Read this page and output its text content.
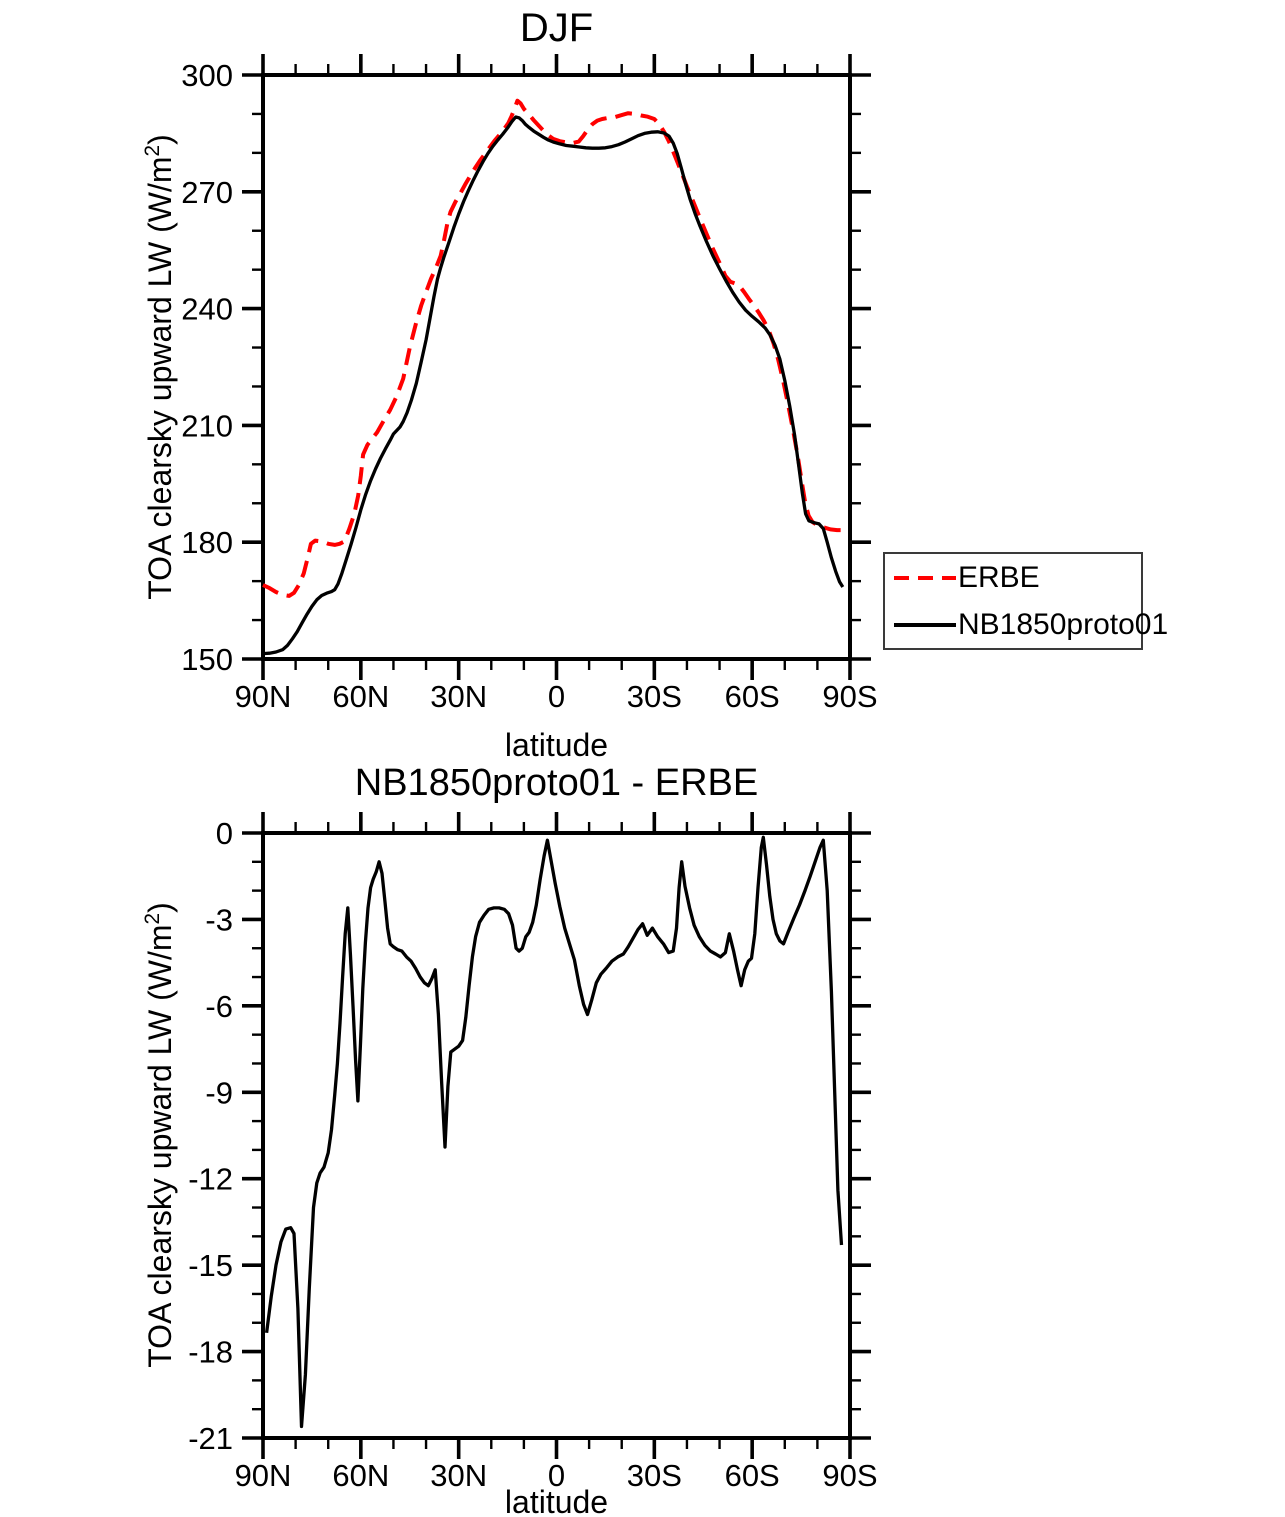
90N 60N 30N 0 30S 60S 90S
150
180
210
240
270
300
90N 60N 30N 0 30S 60S 90S
0
-3
-6
-9
-12
-15
-18
-21
DJF
TOA clearsky upward LW $(W/m^2)$
latitude
NB1850proto01 - ERBE
TOA clearsky upward LW $(W/m^2)$
latitude
ERBE
NB1850proto01
